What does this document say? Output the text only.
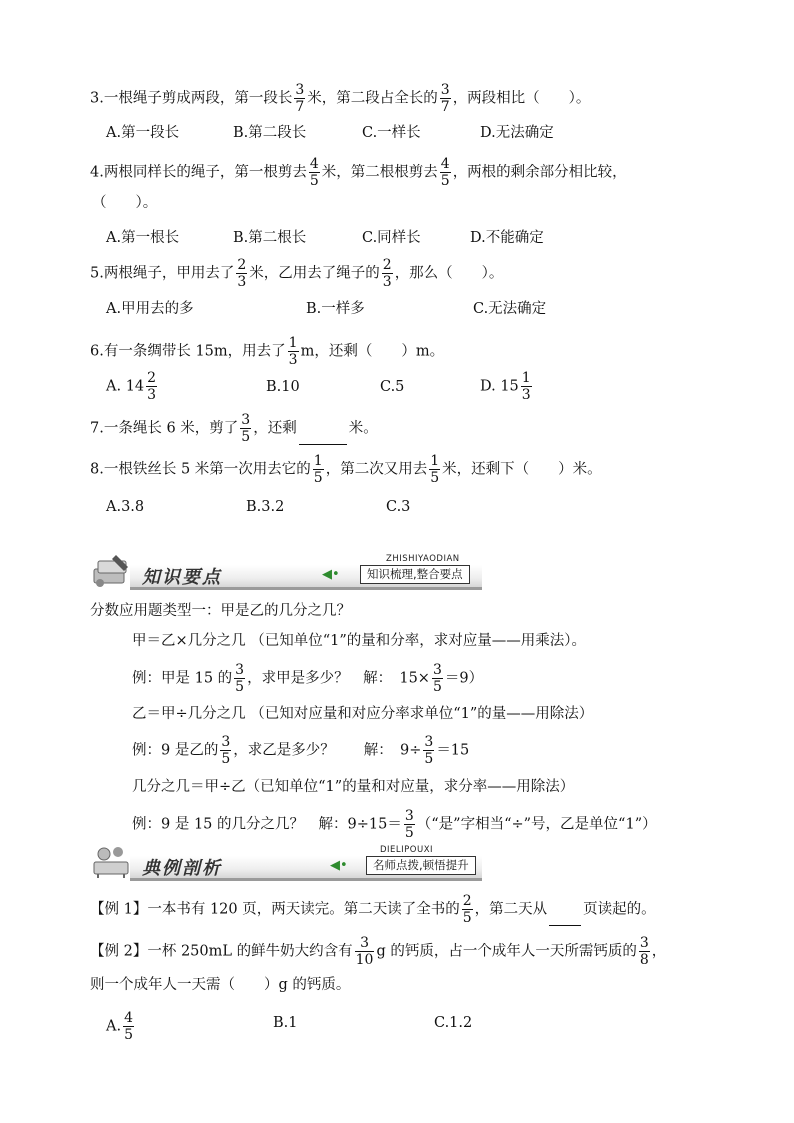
3.一根绳子剪成两段，第一段长 $\frac{3}{7}$ 米，第二段占全长的 $\frac{3}{7}$ ，两段相比（　　）。
A.第一段长	B.第二段长	C.一样长	D.无法确定
4.两根同样长的绳子，第一根剪去 $\frac{4}{5}$ 米，第二根根剪去 $\frac{4}{5}$ ，两根的剩余部分相比较，
（　　）。
A.第一根长	B.第二根长	C.同样长	D.不能确定
5.两根绳子，甲用去了 $\frac{2}{3}$ 米，乙用去了绳子的 $\frac{2}{3}$ ，那么（　　）。
A.甲用去的多	B.一样多	C.无法确定
6.有一条绸带长 15m，用去了 $\frac{1}{3}$ m，还剩（　　）m。
A. $14 \frac{2}{3}$	B.10	C.5	D. $15 \frac{1}{3}$
7.一条绳长 6 米，剪了 $\frac{3}{5}$ ，还剩	米。
8.一根铁丝长 5 米第一次用去它的 $\frac{1}{5}$ ，第二次又用去 $\frac{1}{5}$ 米，还剩下（　　）米。
A.3.8	B.3.2	C.3
知识要点	◀•
ZHISHIYAODIAN
知识梳理,整合要点
分数应用题类型一：甲是乙的几分之几？
甲＝乙×几分之几 （已知单位“1”的量和分率，求对应量——用乘法）。
例：甲是 15 的 $\frac{3}{5}$ ，求甲是多少？　解：　$15\times \frac{3}{5} =9$）
乙＝甲÷几分之几 （已知对应量和对应分率求单位“1”的量——用除法）
例：9 是乙的 $\frac{3}{5}$ ，求乙是多少？　　解：　$9\div \frac{3}{5} =15$
几分之几＝甲÷乙（已知单位“1”的量和对应量，求分率——用除法）
例：9 是 15 的几分之几？　解：$9\div 15= \frac{3}{5}$ （“是”字相当“÷”号，乙是单位“1”）
典例剖析	◀•
DIELIPOUXI
名师点拨,顿悟提升
【例 1】一本书有 120 页，两天读完。第二天读了全书的 $\frac{2}{5}$ ，第二天从 页读起的。
【例 2】一杯 250mL 的鲜牛奶大约含有 $\frac{3}{10}$ g 的钙质，占一个成年人一天所需钙质的 $\frac{3}{8}$ ，
则一个成年人一天需（　　）g 的钙质。
A. $\frac{4}{5}$	B.1	C.1.2
